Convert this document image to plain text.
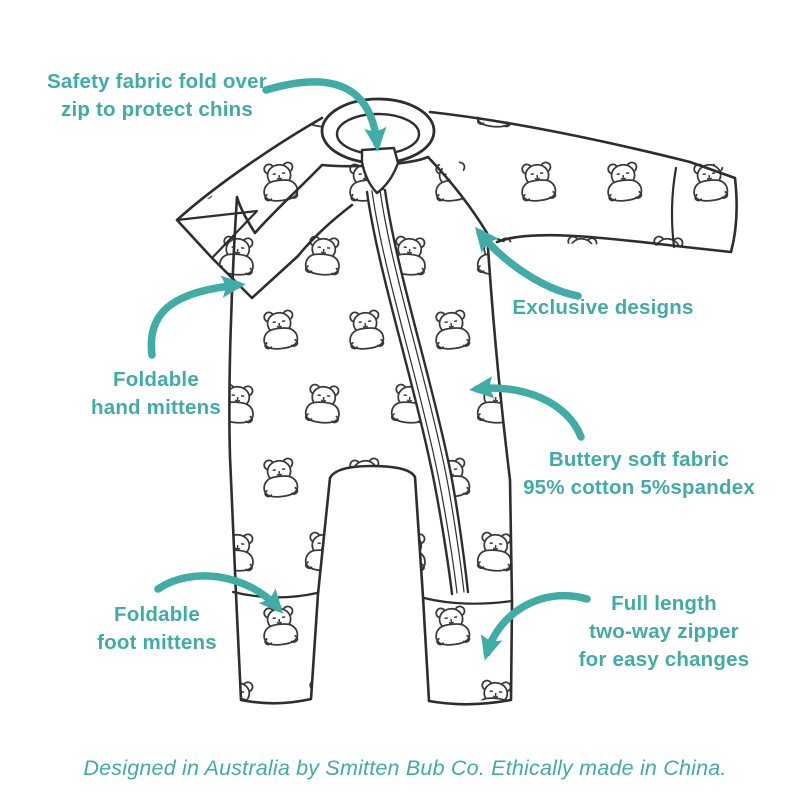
Safety fabric fold over
zip to protect chins
Exclusive designs
Foldable
hand mittens
Buttery soft fabric
95% cotton 5%spandex
Foldable
foot mittens
Full length
two-way zipper
for easy changes
Designed in Australia by Smitten Bub Co. Ethically made in China.
